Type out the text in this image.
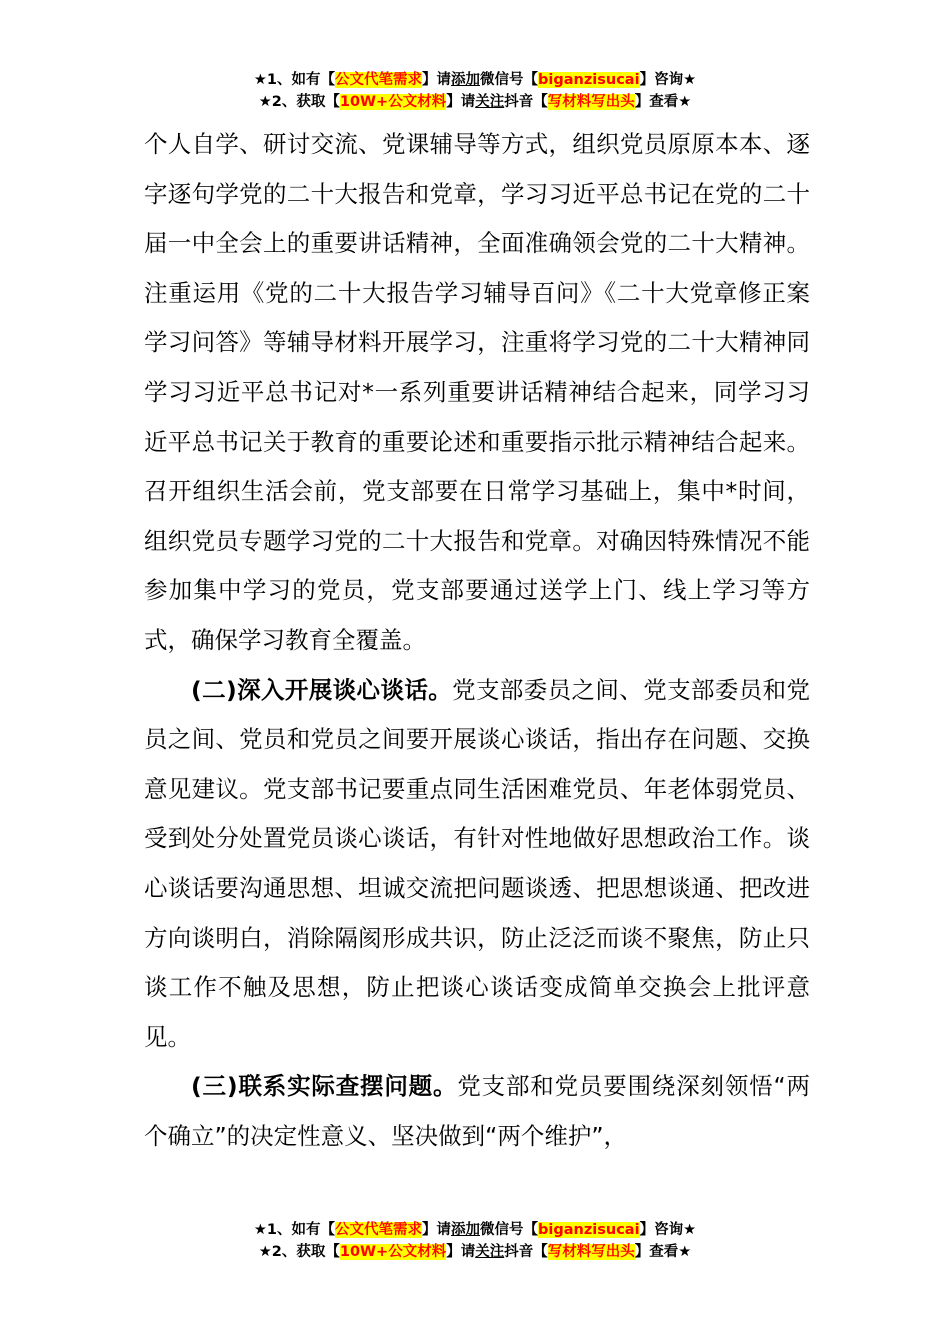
★1、如有【公文代笔需求】请添加微信号【biganzisucai】咨询★
★2、获取【10W+公文材料】请关注抖音【写材料写出头】查看★

个人自学、研讨交流、党课辅导等方式，组织党员原原本本、逐字逐句学党的二十大报告和党章，学习习近平总书记在党的二十届一中全会上的重要讲话精神，全面准确领会党的二十大精神。注重运用《党的二十大报告学习辅导百问》《二十大党章修正案学习问答》等辅导材料开展学习，注重将学习党的二十大精神同学习习近平总书记对*一系列重要讲话精神结合起来，同学习习近平总书记关于教育的重要论述和重要指示批示精神结合起来。召开组织生活会前，党支部要在日常学习基础上，集中*时间，组织党员专题学习党的二十大报告和党章。对确因特殊情况不能参加集中学习的党员，党支部要通过送学上门、线上学习等方式，确保学习教育全覆盖。

(二)深入开展谈心谈话。党支部委员之间、党支部委员和党员之间、党员和党员之间要开展谈心谈话，指出存在问题、交换意见建议。党支部书记要重点同生活困难党员、年老体弱党员、受到处分处置党员谈心谈话，有针对性地做好思想政治工作。谈心谈话要沟通思想、坦诚交流把问题谈透、把思想谈通、把改进方向谈明白，消除隔阂形成共识，防止泛泛而谈不聚焦，防止只谈工作不触及思想，防止把谈心谈话变成简单交换会上批评意见。

(三)联系实际查摆问题。党支部和党员要围绕深刻领悟“两个确立”的决定性意义、坚决做到“两个维护”，

★1、如有【公文代笔需求】请添加微信号【biganzisucai】咨询★
★2、获取【10W+公文材料】请关注抖音【写材料写出头】查看★
